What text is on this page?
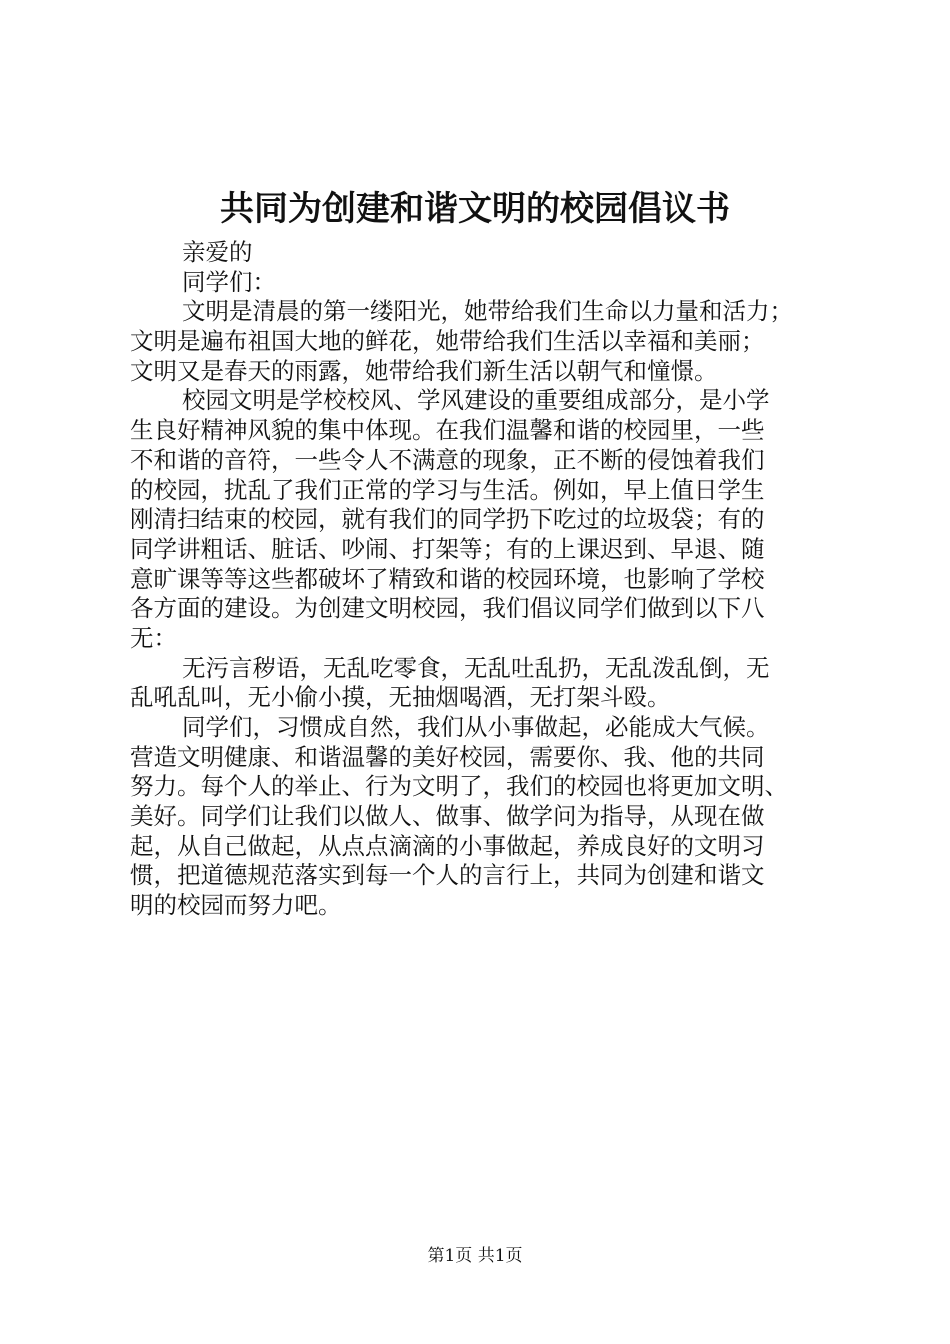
共同为创建和谐文明的校园倡议书
亲爱的
同学们：
文明是清晨的第一缕阳光，她带给我们生命以力量和活力；
文明是遍布祖国大地的鲜花，她带给我们生活以幸福和美丽；
文明又是春天的雨露，她带给我们新生活以朝气和憧憬。
校园文明是学校校风、学风建设的重要组成部分，是小学
生良好精神风貌的集中体现。在我们温馨和谐的校园里，一些
不和谐的音符，一些令人不满意的现象，正不断的侵蚀着我们
的校园，扰乱了我们正常的学习与生活。例如，早上值日学生
刚清扫结束的校园，就有我们的同学扔下吃过的垃圾袋；有的
同学讲粗话、脏话、吵闹、打架等；有的上课迟到、早退、随
意旷课等等这些都破坏了精致和谐的校园环境，也影响了学校
各方面的建设。为创建文明校园，我们倡议同学们做到以下八
无：
无污言秽语，无乱吃零食，无乱吐乱扔，无乱泼乱倒，无
乱吼乱叫，无小偷小摸，无抽烟喝酒，无打架斗殴。
同学们，习惯成自然，我们从小事做起，必能成大气候。
营造文明健康、和谐温馨的美好校园，需要你、我、他的共同
努力。每个人的举止、行为文明了，我们的校园也将更加文明、
美好。同学们让我们以做人、做事、做学问为指导，从现在做
起，从自己做起，从点点滴滴的小事做起，养成良好的文明习
惯，把道德规范落实到每一个人的言行上，共同为创建和谐文
明的校园而努力吧。
第1页 共1页
